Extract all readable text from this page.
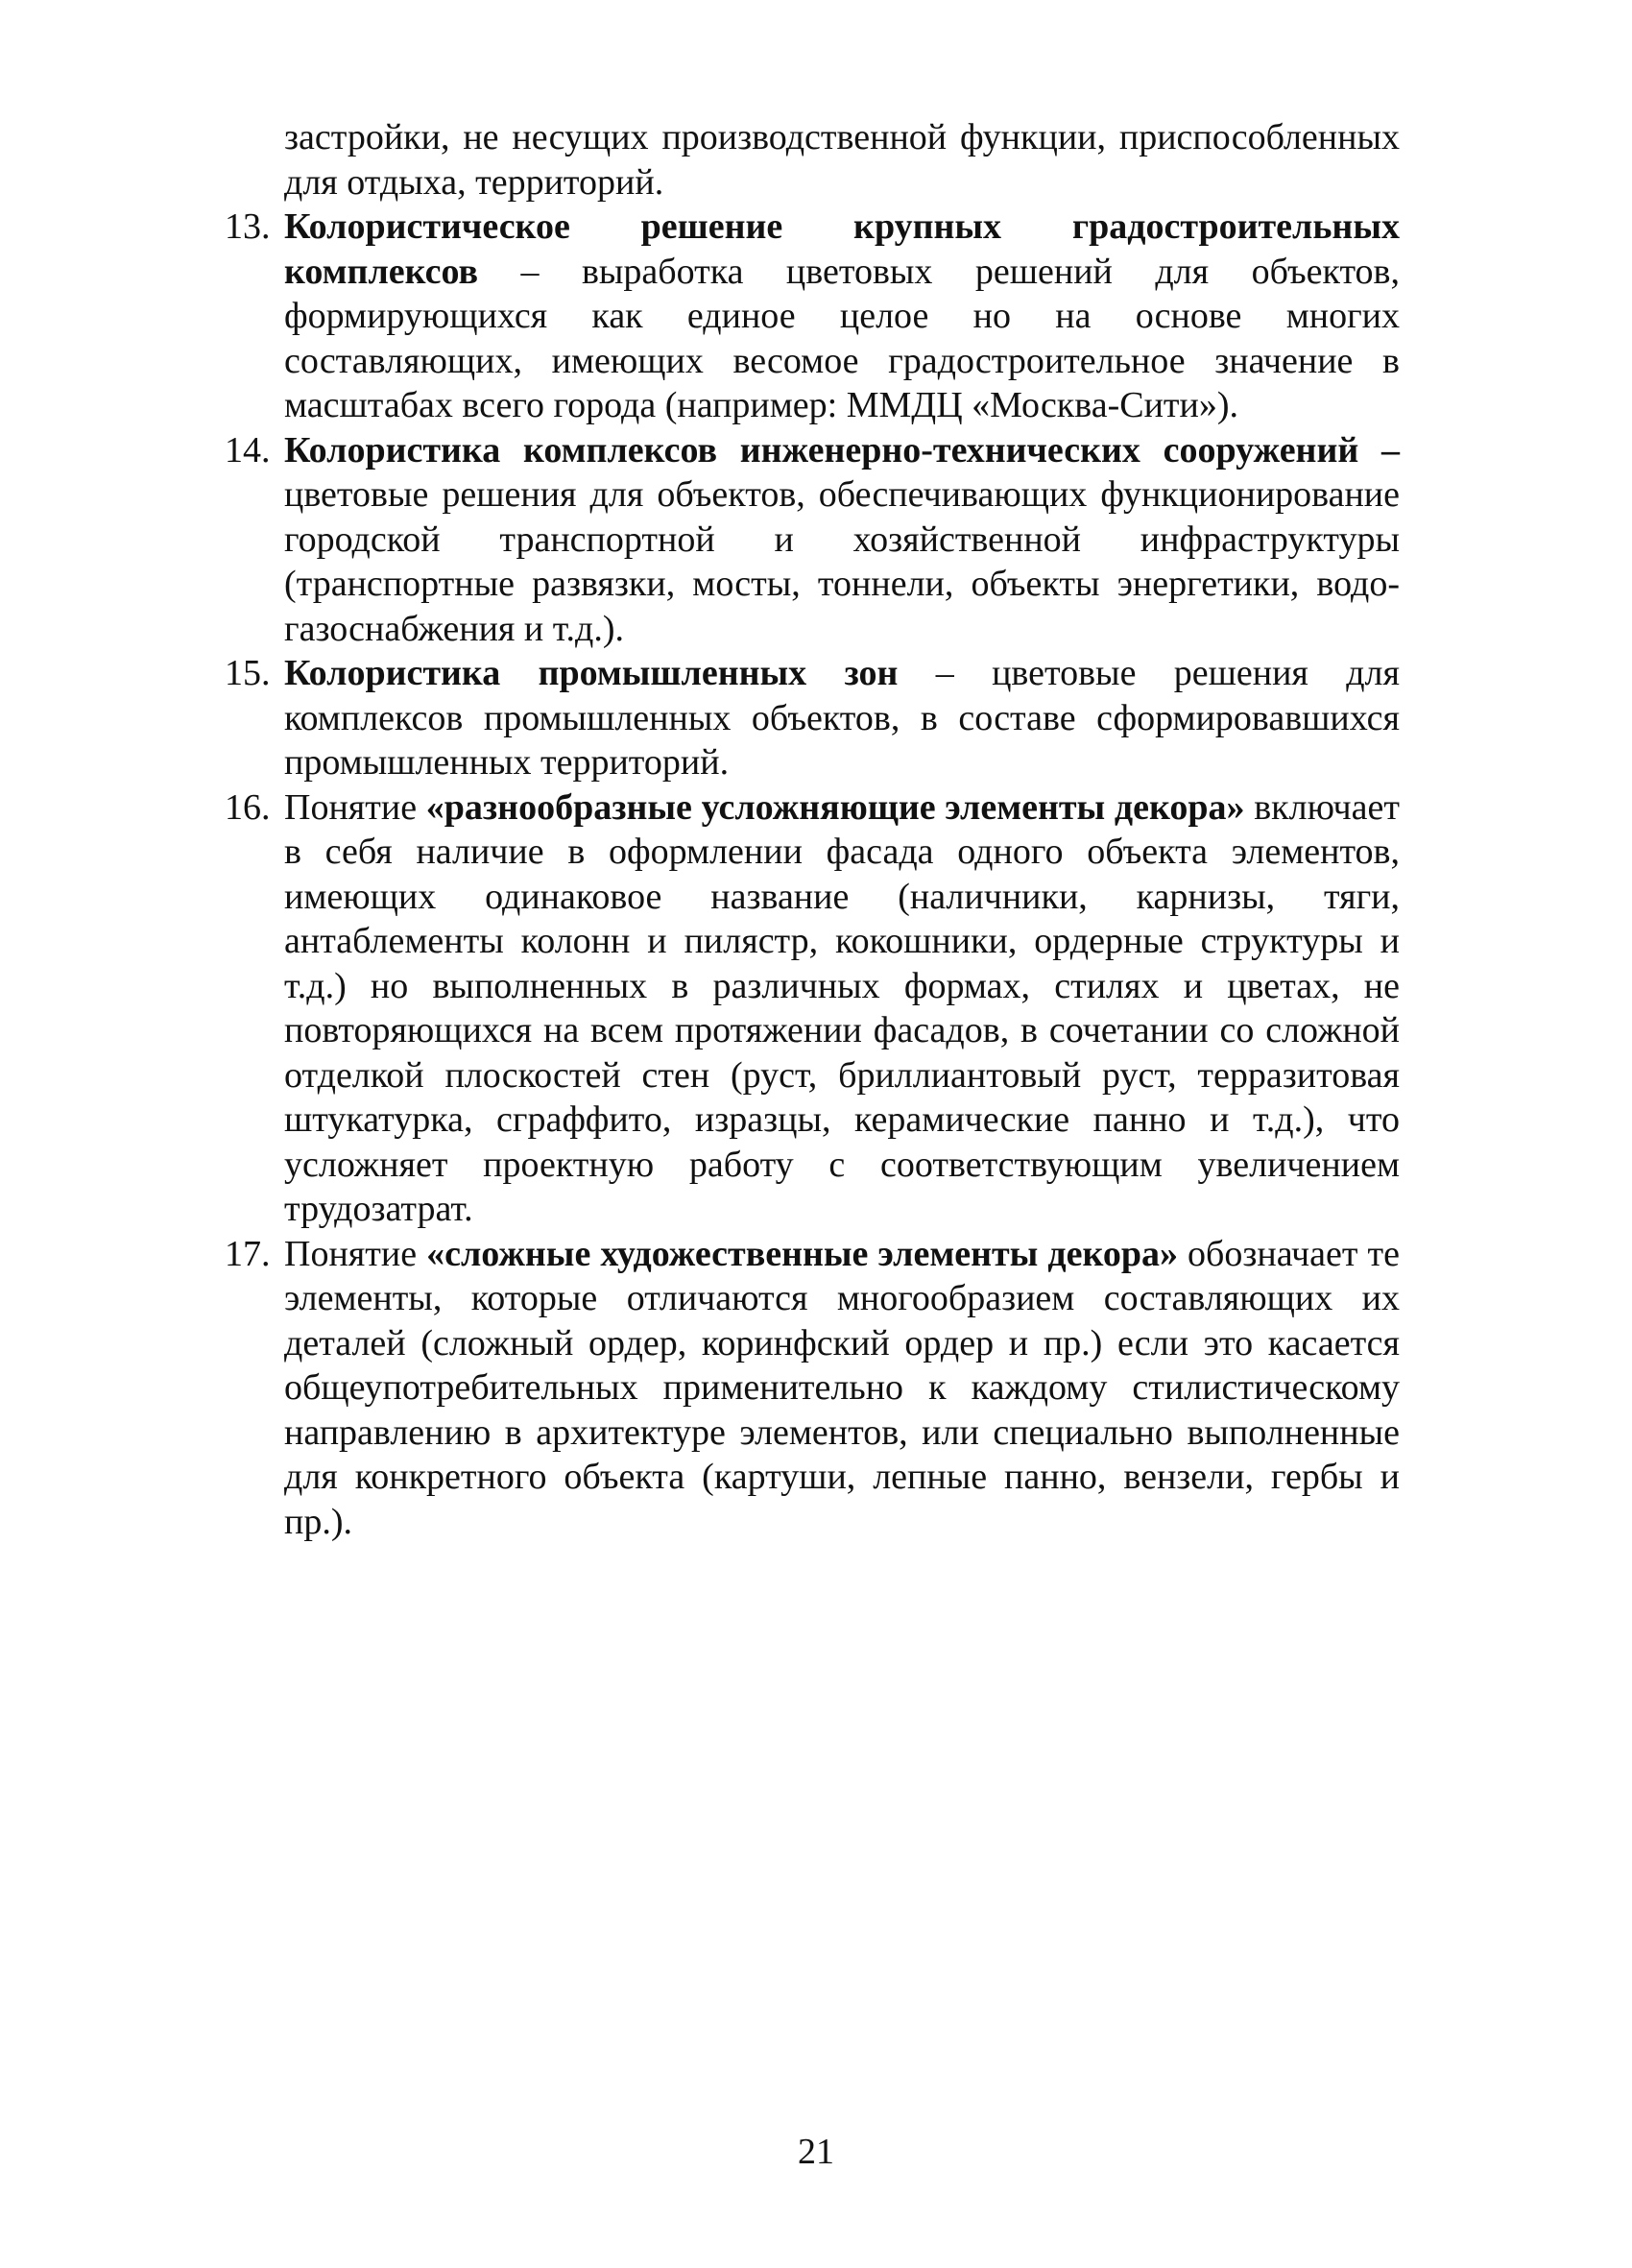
застройки, не несущих производственной функции, приспособленных для отдыха, территорий.

13. Колористическое решение крупных градостроительных комплексов – выработка цветовых решений для объектов, формирующихся как единое целое но на основе многих составляющих, имеющих весомое градостроительное значение в масштабах всего города (например: ММДЦ «Москва-Сити»).

14. Колористика комплексов инженерно-технических сооружений – цветовые решения для объектов, обеспечивающих функционирование городской транспортной и хозяйственной инфраструктуры (транспортные развязки, мосты, тоннели, объекты энергетики, водо-газоснабжения и т.д.).

15. Колористика промышленных зон – цветовые решения для комплексов промышленных объектов, в составе сформировавшихся промышленных территорий.

16. Понятие «разнообразные усложняющие элементы декора» включает в себя наличие в оформлении фасада одного объекта элементов, имеющих одинаковое название (наличники, карнизы, тяги, антаблементы колонн и пилястр, кокошники, ордерные структуры и т.д.) но выполненных в различных формах, стилях и цветах, не повторяющихся на всем протяжении фасадов, в сочетании со сложной отделкой плоскостей стен (руст, бриллиантовый руст, терразитовая штукатурка, сграффито, изразцы, керамические панно и т.д.), что усложняет проектную работу с соответствующим увеличением трудозатрат.

17. Понятие «сложные художественные элементы декора» обозначает те элементы, которые отличаются многообразием составляющих их деталей (сложный ордер, коринфский ордер и пр.) если это касается общеупотребительных применительно к каждому стилистическому направлению в архитектуре элементов, или специально выполненные для конкретного объекта (картуши, лепные панно, вензели, гербы и пр.).

21
